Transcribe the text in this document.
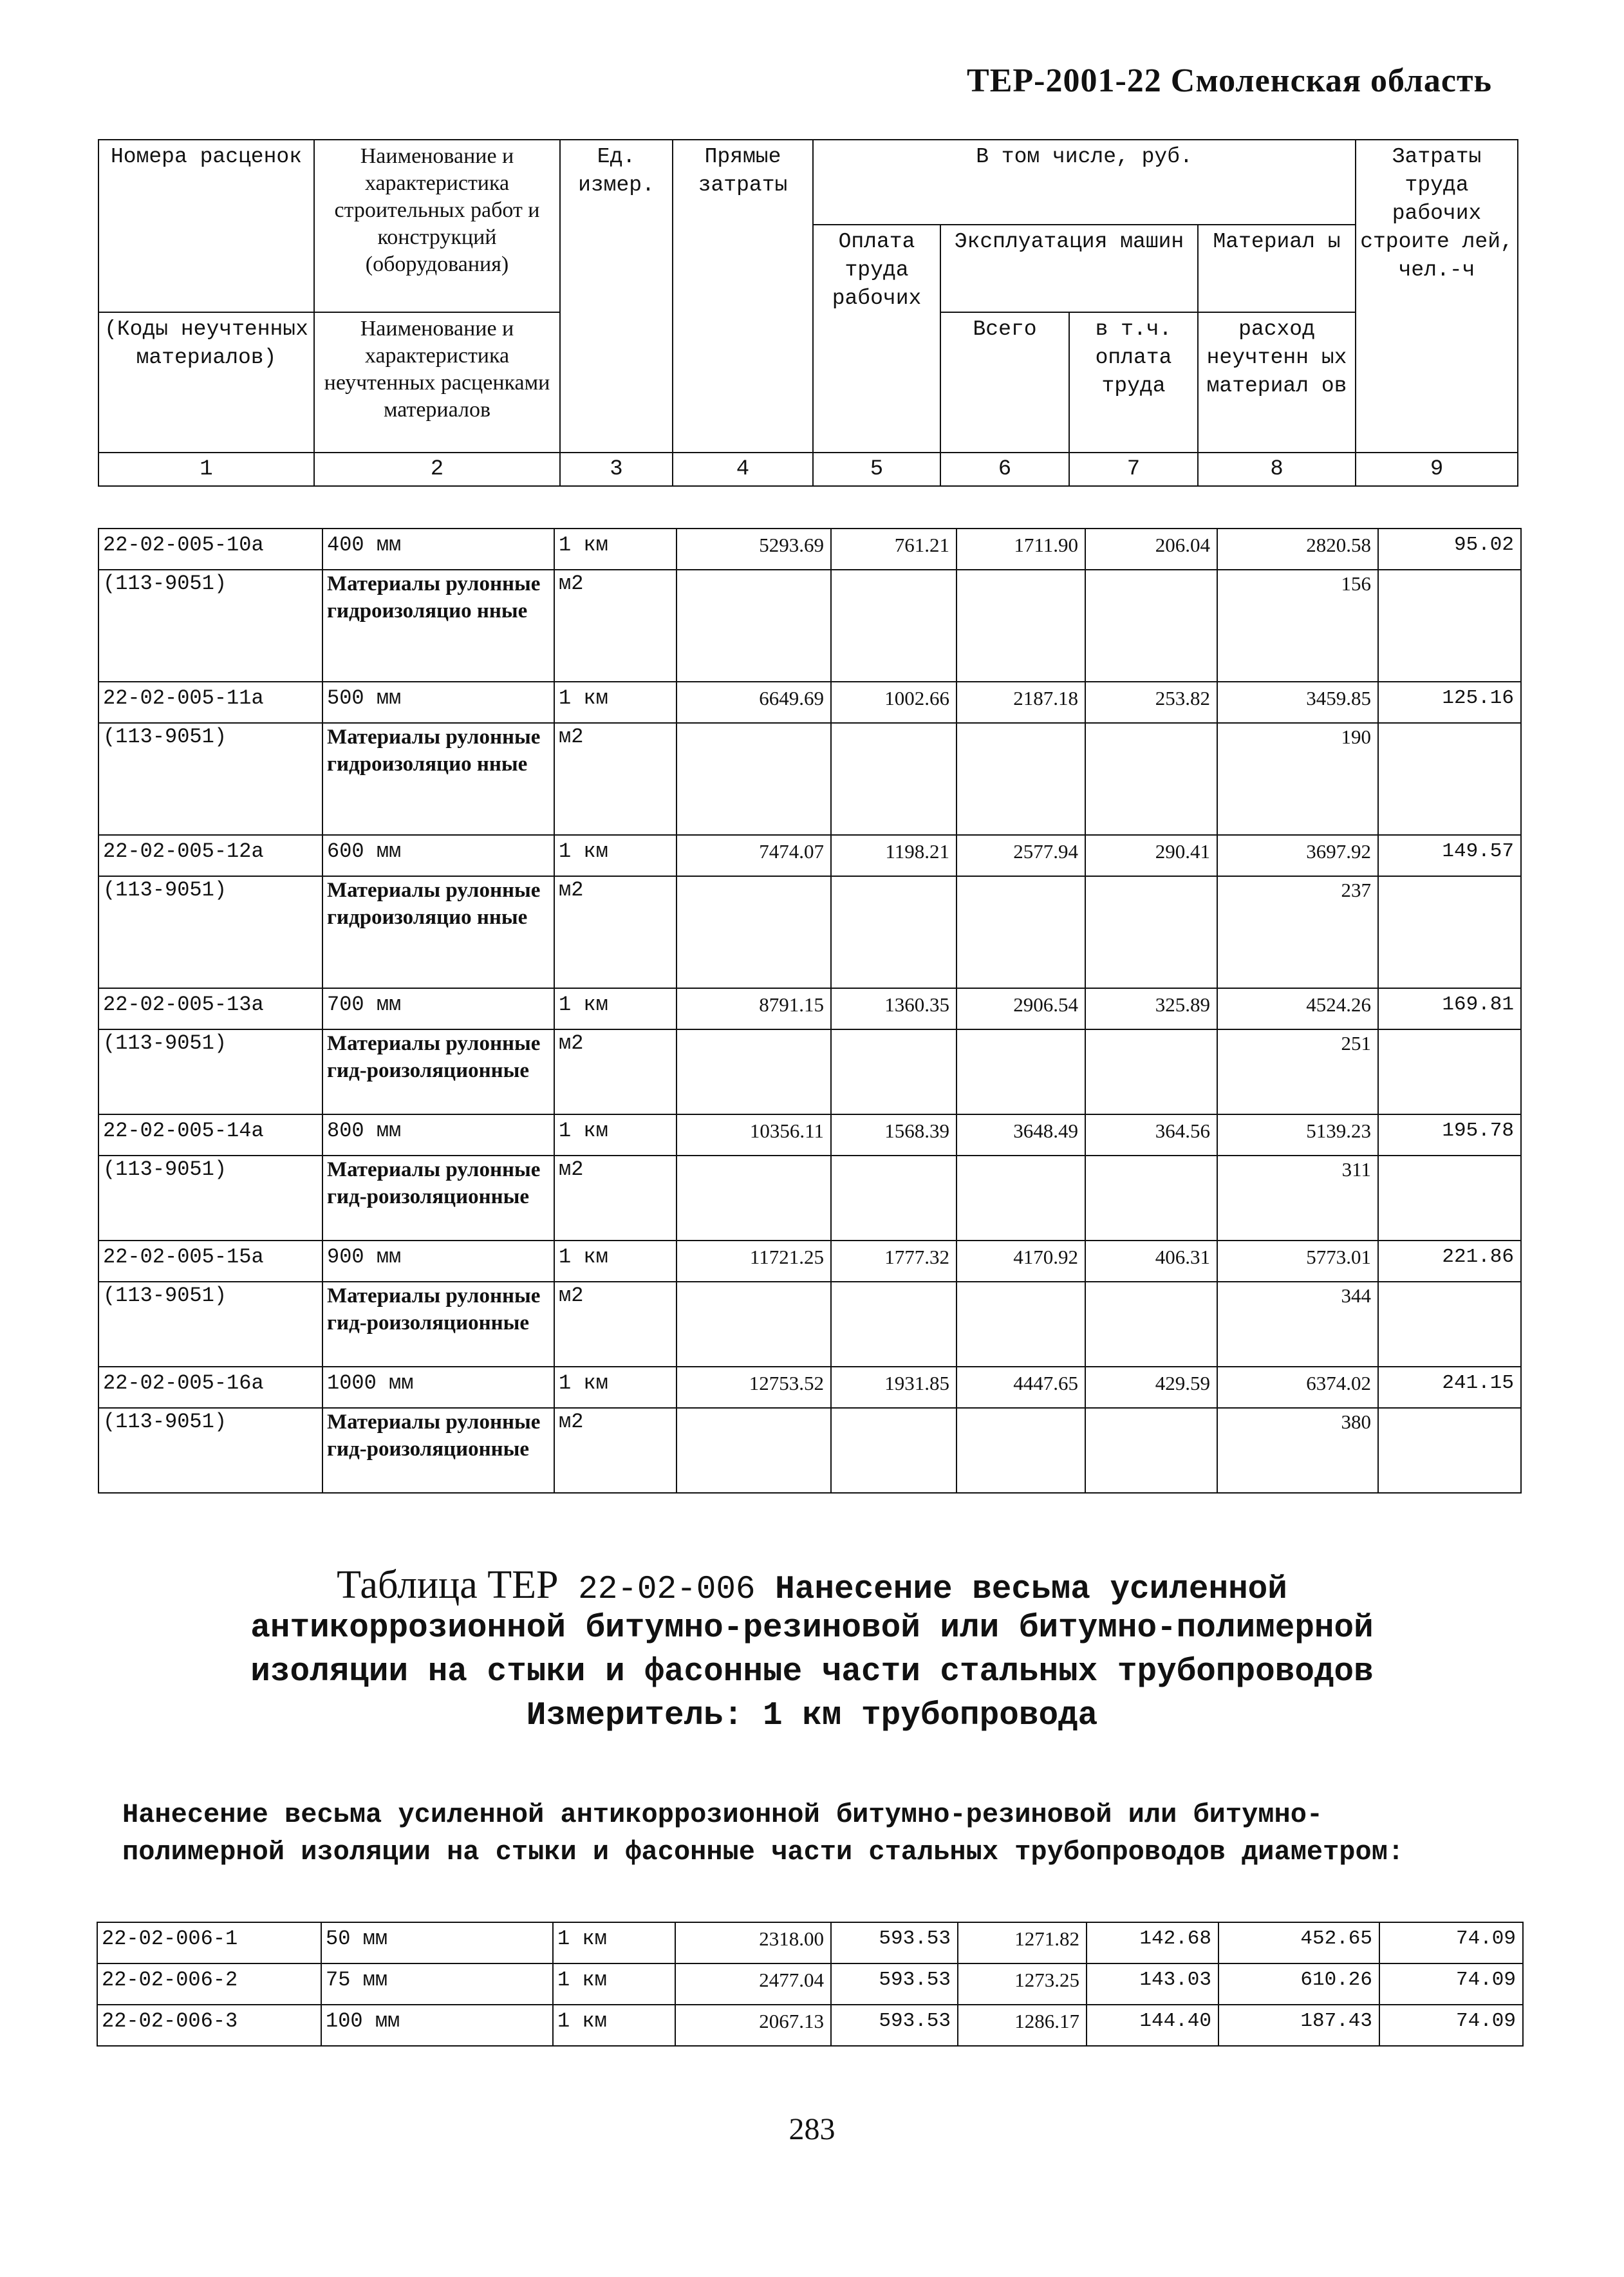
ТЕР-2001-22 Смоленская область
Номера расценок	Наименование и характеристика строительных работ и конструкций (оборудования)	Ед. измер.	Прямые затраты	В том числе, руб.				Затраты труда рабочих строите лей, чел.-ч
				Оплата труда рабочих	Эксплуатация машин		Материал ы	
(Коды неучтенных материалов)	Наименование и характеристика неучтенных расценками материалов				Всего	в т.ч. оплата труда	расход неучтенн ых материал ов	
1	2	3	4	5	6	7	8	9
22-02-005-10a	400 мм	1 км	5293.69	761.21	1711.90	206.04	2820.58	95.02
(113-9051)	Материалы рулонные гидроизоляцио нные	м2					156	
22-02-005-11a	500 мм	1 км	6649.69	1002.66	2187.18	253.82	3459.85	125.16
(113-9051)	Материалы рулонные гидроизоляцио нные	м2					190	
22-02-005-12a	600 мм	1 км	7474.07	1198.21	2577.94	290.41	3697.92	149.57
(113-9051)	Материалы рулонные гидроизоляцио нные	м2					237	
22-02-005-13a	700 мм	1 км	8791.15	1360.35	2906.54	325.89	4524.26	169.81
(113-9051)	Материалы рулонные гид-роизоляционные	м2					251	
22-02-005-14a	800 мм	1 км	10356.11	1568.39	3648.49	364.56	5139.23	195.78
(113-9051)	Материалы рулонные гид-роизоляционные	м2					311	
22-02-005-15a	900 мм	1 км	11721.25	1777.32	4170.92	406.31	5773.01	221.86
(113-9051)	Материалы рулонные гид-роизоляционные	м2					344	
22-02-005-16a	1000 мм	1 км	12753.52	1931.85	4447.65	429.59	6374.02	241.15
(113-9051)	Материалы рулонные гид-роизоляционные	м2					380	
Таблица ТЕР 22-02-006 Нанесение весьма усиленной
антикоррозионной битумно-резиновой или битумно-полимерной
изоляции на стыки и фасонные части стальных трубопроводов
Измеритель: 1 км трубопровода
Нанесение весьма усиленной антикоррозионной битумно-резиновой или битумно-полимерной изоляции на стыки и фасонные части стальных трубопроводов диаметром:
22-02-006-1	50 мм	1 км	2318.00	593.53	1271.82	142.68	452.65	74.09
22-02-006-2	75 мм	1 км	2477.04	593.53	1273.25	143.03	610.26	74.09
22-02-006-3	100 мм	1 км	2067.13	593.53	1286.17	144.40	187.43	74.09
283
